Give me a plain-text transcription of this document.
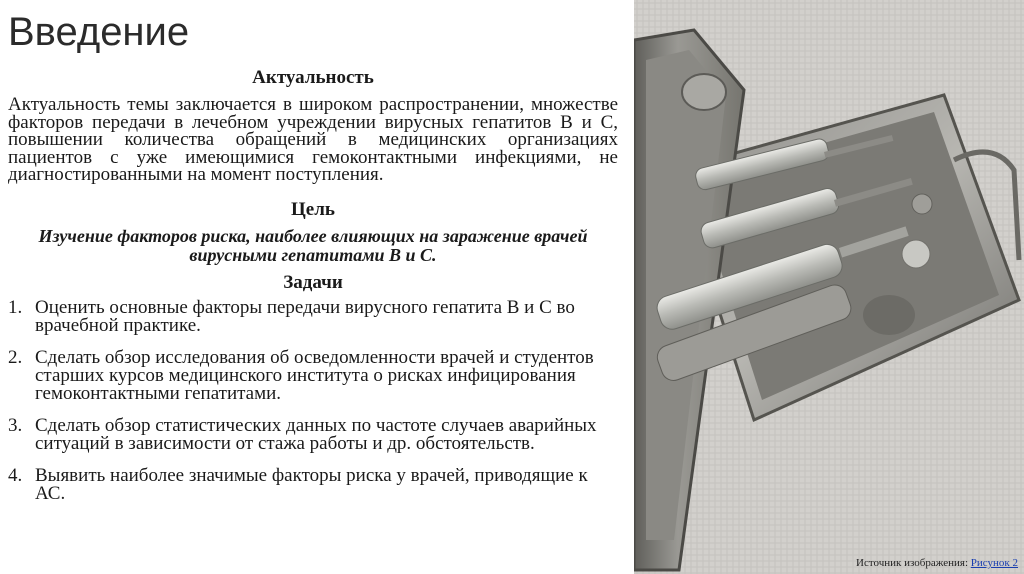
Введение

Актуальность

Актуальность темы заключается в широком распространении, множестве факторов передачи в лечебном учреждении вирусных гепатитов В и С, повышении количества обращений в медицинских организациях пациентов с уже имеющимися гемоконтактными инфекциями, не диагностированными на момент поступления.

Цель

Изучение факторов риска, наиболее влияющих на заражение врачей вирусными гепатитами В и С.

Задачи

1. Оценить основные факторы передачи вирусного гепатита В и С во врачебной практике.
2. Сделать обзор исследования об осведомленности врачей и студентов старших курсов медицинского института о рисках инфицирования гемоконтактными гепатитами.
3. Сделать обзор статистических данных по частоте случаев аварийных ситуаций в зависимости от стажа работы и др. обстоятельств.
4. Выявить наиболее значимые факторы риска у врачей, приводящие к АС.
Источник изображения: Рисунок 2
